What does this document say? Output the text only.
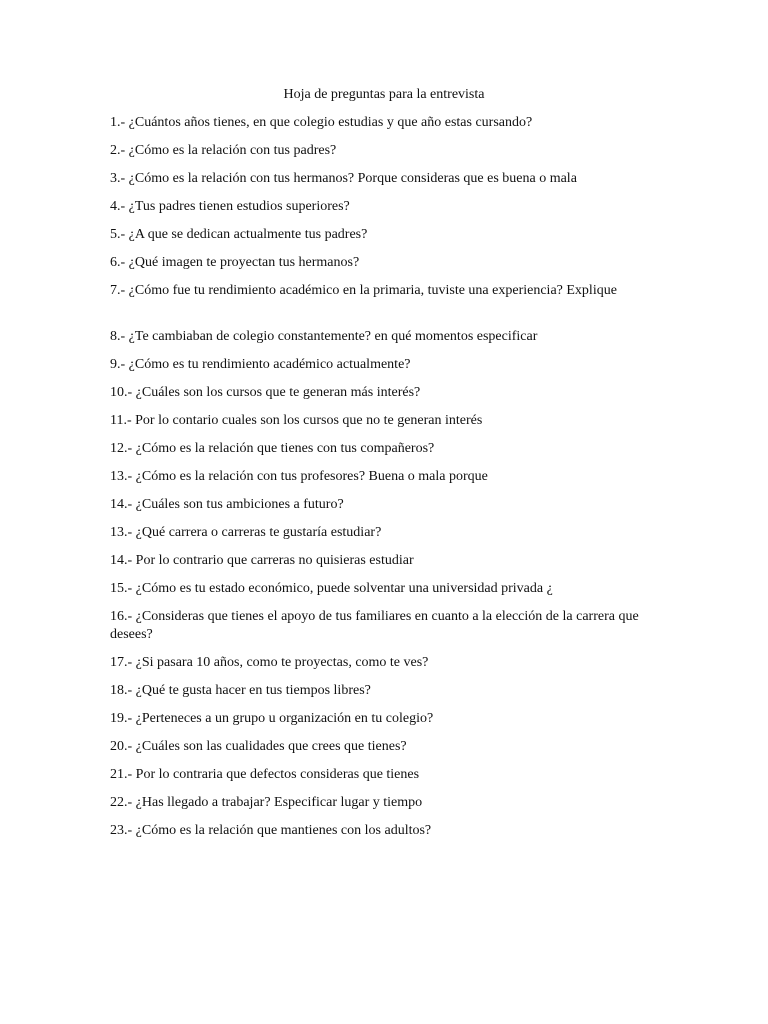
Hoja de preguntas para la entrevista
1.- ¿Cuántos años tienes, en que colegio estudias y que año estas cursando?
2.- ¿Cómo es la relación con tus padres?
3.- ¿Cómo es la relación con tus hermanos? Porque consideras que es buena o mala
4.- ¿Tus padres tienen estudios superiores?
5.- ¿A que se dedican actualmente tus padres?
6.- ¿Qué imagen te proyectan tus hermanos?
7.- ¿Cómo fue tu rendimiento académico en la primaria, tuviste una experiencia? Explique
8.- ¿Te cambiaban de colegio constantemente? en qué momentos especificar
9.- ¿Cómo es tu rendimiento académico actualmente?
10.- ¿Cuáles son los cursos que te generan más interés?
11.- Por lo contario cuales son los cursos que no te generan interés
12.- ¿Cómo es la relación que tienes con tus compañeros?
13.- ¿Cómo es la relación con tus profesores? Buena o mala porque
14.- ¿Cuáles son tus ambiciones a futuro?
13.- ¿Qué carrera o carreras te gustaría estudiar?
14.- Por lo contrario que carreras no quisieras estudiar
15.- ¿Cómo es tu estado económico, puede solventar una universidad privada ¿
16.- ¿Consideras que tienes el apoyo de tus familiares en cuanto a la elección de la carrera que desees?
17.- ¿Si pasara 10 años, como te proyectas, como te ves?
18.- ¿Qué te gusta hacer en tus tiempos libres?
19.- ¿Perteneces a un grupo u organización en tu colegio?
20.- ¿Cuáles son las cualidades que crees que tienes?
21.- Por lo contraria que defectos consideras que tienes
22.- ¿Has llegado a trabajar? Especificar lugar y tiempo
23.- ¿Cómo es la relación que mantienes con los adultos?
